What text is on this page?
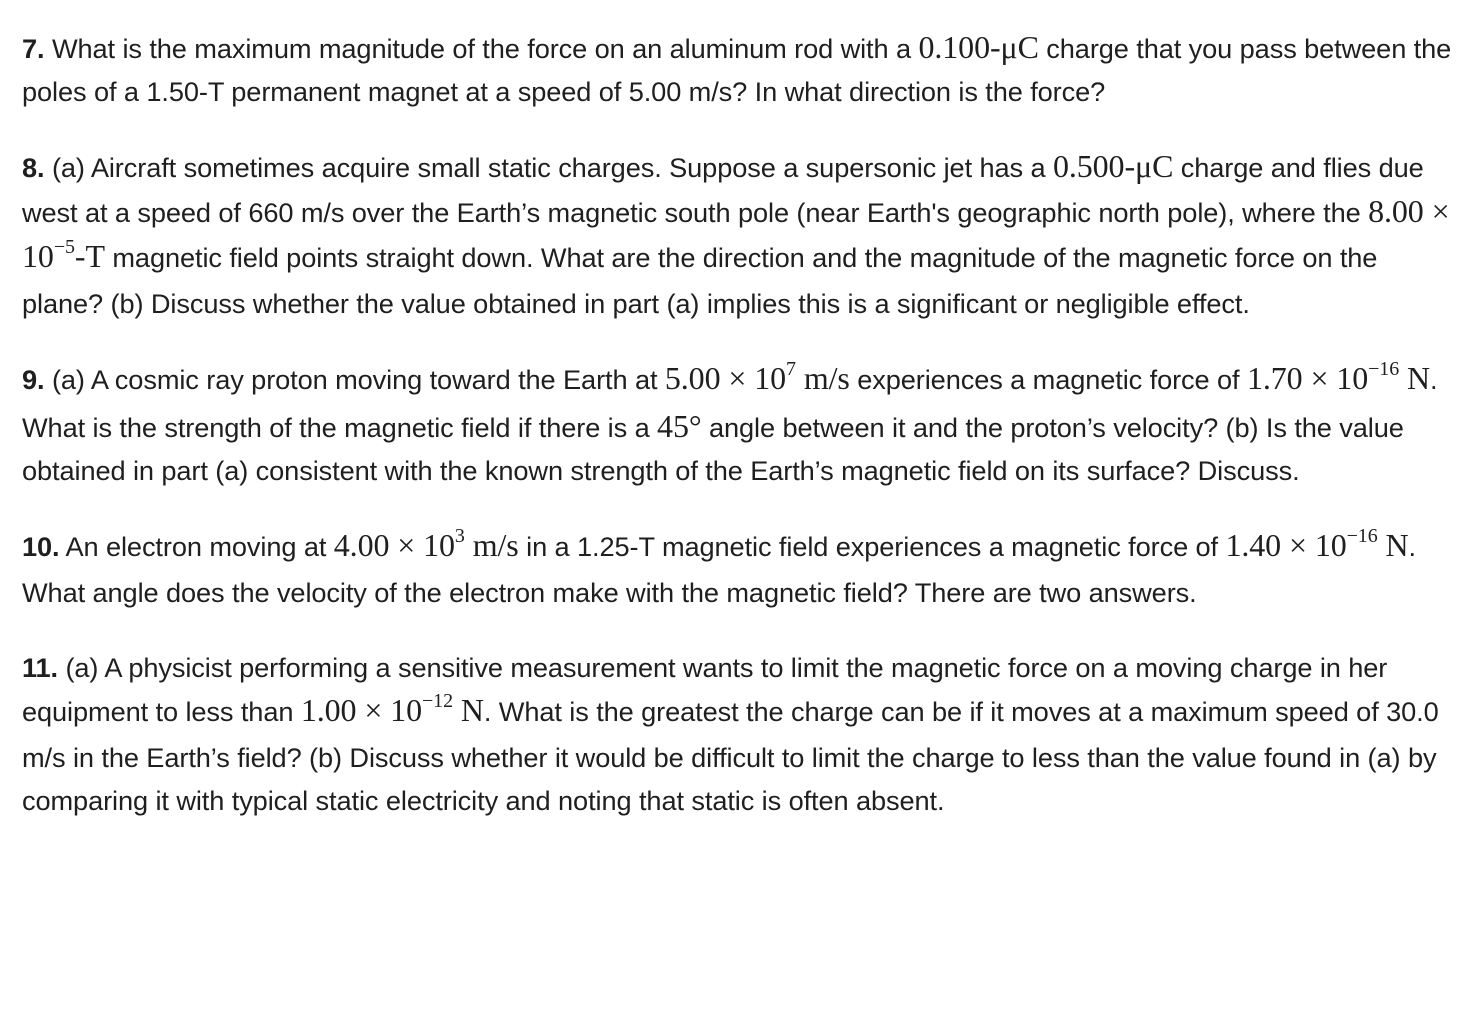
7. What is the maximum magnitude of the force on an aluminum rod with a 0.100-μC charge that you pass between the poles of a 1.50-T permanent magnet at a speed of 5.00 m/s? In what direction is the force?

8. (a) Aircraft sometimes acquire small static charges. Suppose a supersonic jet has a 0.500-μC charge and flies due west at a speed of 660 m/s over the Earth’s magnetic south pole (near Earth's geographic north pole), where the $8.00 \times 10^{-5}-T$ magnetic field points straight down. What are the direction and the magnitude of the magnetic force on the plane? (b) Discuss whether the value obtained in part (a) implies this is a significant or negligible effect.

9. (a) A cosmic ray proton moving toward the Earth at $5.00 \times 10^7$ m/s experiences a magnetic force of $1.70 \times 10^{-16}$ N. What is the strength of the magnetic field if there is a 45° angle between it and the proton’s velocity? (b) Is the value obtained in part (a) consistent with the known strength of the Earth’s magnetic field on its surface? Discuss.

10. An electron moving at $4.00 \times 10^3$ m/s in a 1.25-T magnetic field experiences a magnetic force of $1.40 \times 10^{-16}$ N. What angle does the velocity of the electron make with the magnetic field? There are two answers.

11. (a) A physicist performing a sensitive measurement wants to limit the magnetic force on a moving charge in her equipment to less than $1.00 \times 10^{-12}$ N. What is the greatest the charge can be if it moves at a maximum speed of 30.0 m/s in the Earth’s field? (b) Discuss whether it would be difficult to limit the charge to less than the value found in (a) by comparing it with typical static electricity and noting that static is often absent.
